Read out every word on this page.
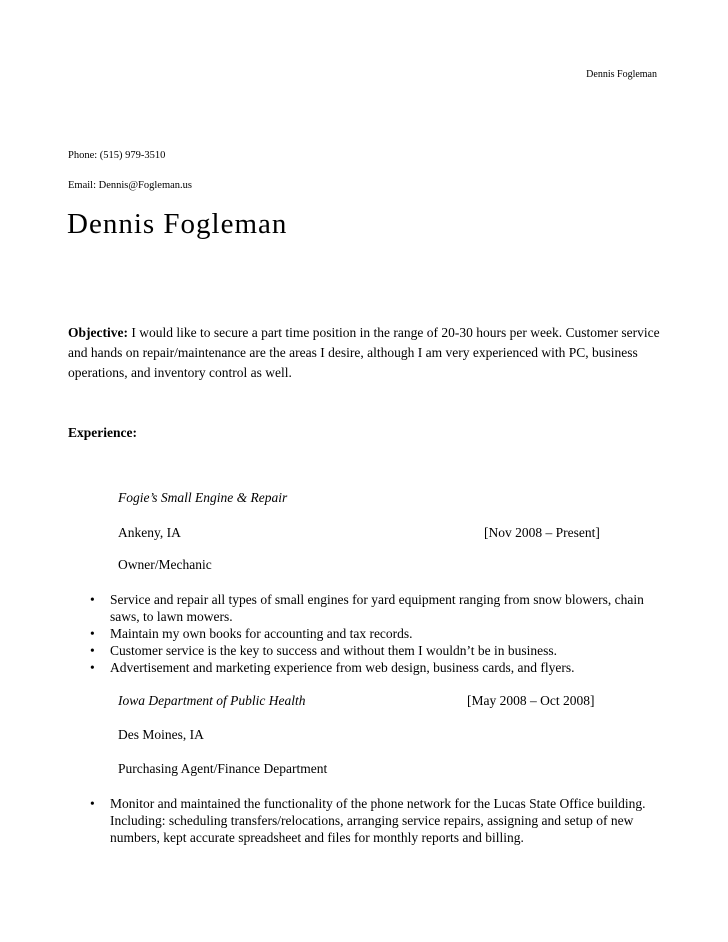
Dennis Fogleman
Phone: (515) 979-3510
Email: Dennis@Fogleman.us
Dennis Fogleman
Objective: I would like to secure a part time position in the range of 20-30 hours per week. Customer service and hands on repair/maintenance are the areas I desire, although I am very experienced with PC, business operations, and inventory control as well.
Experience:
Fogie’s Small Engine & Repair
Ankeny, IA	[Nov 2008 – Present]
Owner/Mechanic
• Service and repair all types of small engines for yard equipment ranging from snow blowers, chain saws, to lawn mowers.
• Maintain my own books for accounting and tax records.
• Customer service is the key to success and without them I wouldn’t be in business.
• Advertisement and marketing experience from web design, business cards, and flyers.
Iowa Department of Public Health	[May 2008 – Oct 2008]
Des Moines, IA
Purchasing Agent/Finance Department
• Monitor and maintained the functionality of the phone network for the Lucas State Office building. Including: scheduling transfers/relocations, arranging service repairs, assigning and setup of new numbers, kept accurate spreadsheet and files for monthly reports and billing.
